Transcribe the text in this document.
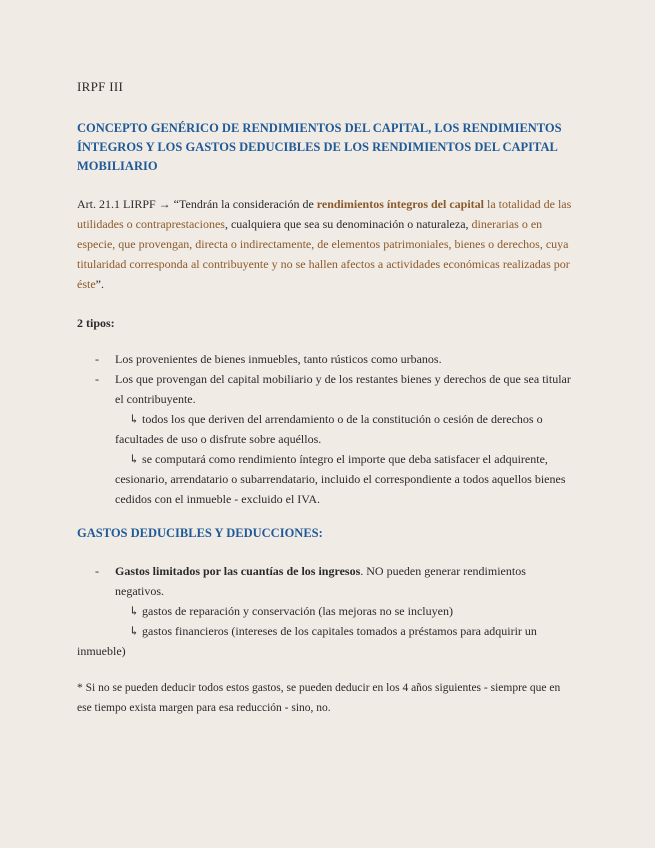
IRPF III
CONCEPTO GENÉRICO DE RENDIMIENTOS DEL CAPITAL, LOS RENDIMIENTOS ÍNTEGROS Y LOS GASTOS DEDUCIBLES DE LOS RENDIMIENTOS DEL CAPITAL MOBILIARIO
Art. 21.1 LIRPF → “Tendrán la consideración de rendimientos íntegros del capital la totalidad de las utilidades o contraprestaciones, cualquiera que sea su denominación o naturaleza, dinerarias o en especie, que provengan, directa o indirectamente, de elementos patrimoniales, bienes o derechos, cuya titularidad corresponda al contribuyente y no se hallen afectos a actividades económicas realizadas por éste”.
2 tipos:
- Los provenientes de bienes inmuebles, tanto rústicos como urbanos.
- Los que provengan del capital mobiliario y de los restantes bienes y derechos de que sea titular el contribuyente.
↳ todos los que deriven del arrendamiento o de la constitución o cesión de derechos o facultades de uso o disfrute sobre aquéllos.
↳ se computará como rendimiento íntegro el importe que deba satisfacer el adquirente, cesionario, arrendatario o subarrendatario, incluido el correspondiente a todos aquellos bienes cedidos con el inmueble - excluido el IVA.
GASTOS DEDUCIBLES Y DEDUCCIONES:
- Gastos limitados por las cuantías de los ingresos. NO pueden generar rendimientos negativos.
↳ gastos de reparación y conservación (las mejoras no se incluyen)
↳ gastos financieros (intereses de los capitales tomados a préstamos para adquirir un inmueble)
* Si no se pueden deducir todos estos gastos, se pueden deducir en los 4 años siguientes - siempre que en ese tiempo exista margen para esa reducción - sino, no.
